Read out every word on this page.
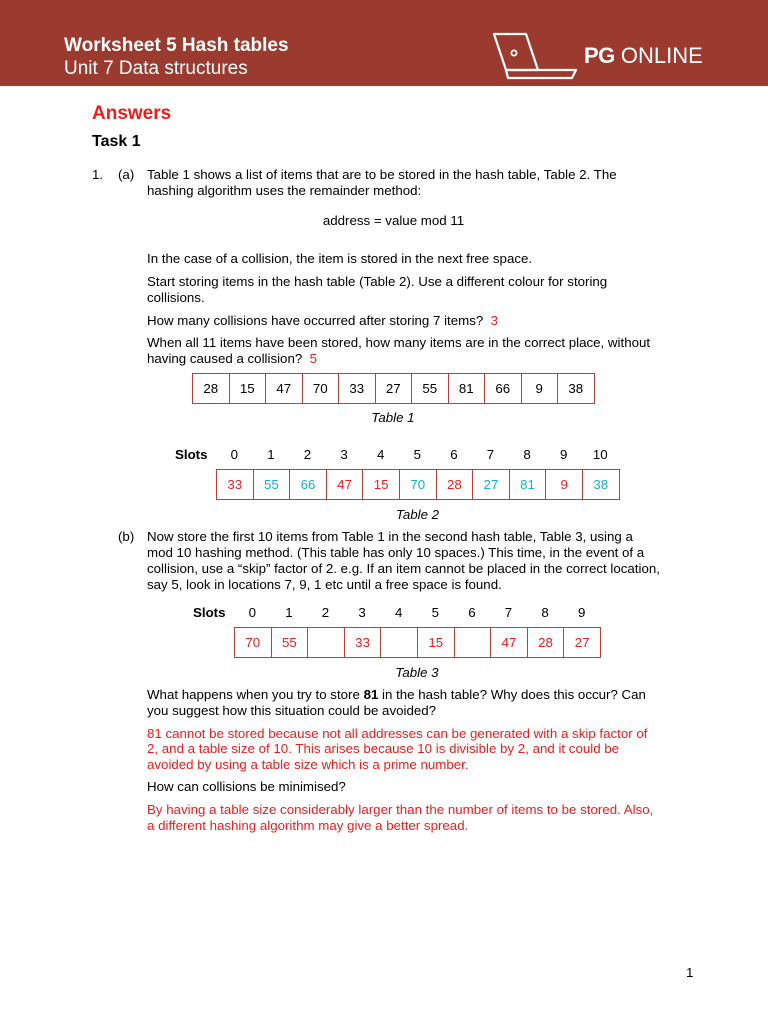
Worksheet 5 Hash tables
Unit 7 Data structures
PG ONLINE
Answers
Task 1
1. (a) Table 1 shows a list of items that are to be stored in the hash table, Table 2. The
hashing algorithm uses the remainder method:
address = value mod 11
In the case of a collision, the item is stored in the next free space.
Start storing items in the hash table (Table 2). Use a different colour for storing
collisions.
How many collisions have occurred after storing 7 items? 3
When all 11 items have been stored, how many items are in the correct place, without
having caused a collision? 5
28	15	47	70	33	27	55	81	66	9	38
Table 1
Slots	0	1	2	3	4	5	6	7	8	9	10
33	55	66	47	15	70	28	27	81	9	38
Table 2
(b) Now store the first 10 items from Table 1 in the second hash table, Table 3, using a
mod 10 hashing method. (This table has only 10 spaces.) This time, in the event of a
collision, use a “skip” factor of 2. e.g. If an item cannot be placed in the correct location,
say 5, look in locations 7, 9, 1 etc until a free space is found.
Slots	0	1	2	3	4	5	6	7	8	9
70	55		33		15		47	28	27
Table 3
What happens when you try to store 81 in the hash table? Why does this occur? Can
you suggest how this situation could be avoided?
81 cannot be stored because not all addresses can be generated with a skip factor of
2, and a table size of 10. This arises because 10 is divisible by 2, and it could be
avoided by using a table size which is a prime number.
How can collisions be minimised?
By having a table size considerably larger than the number of items to be stored. Also,
a different hashing algorithm may give a better spread.
1
